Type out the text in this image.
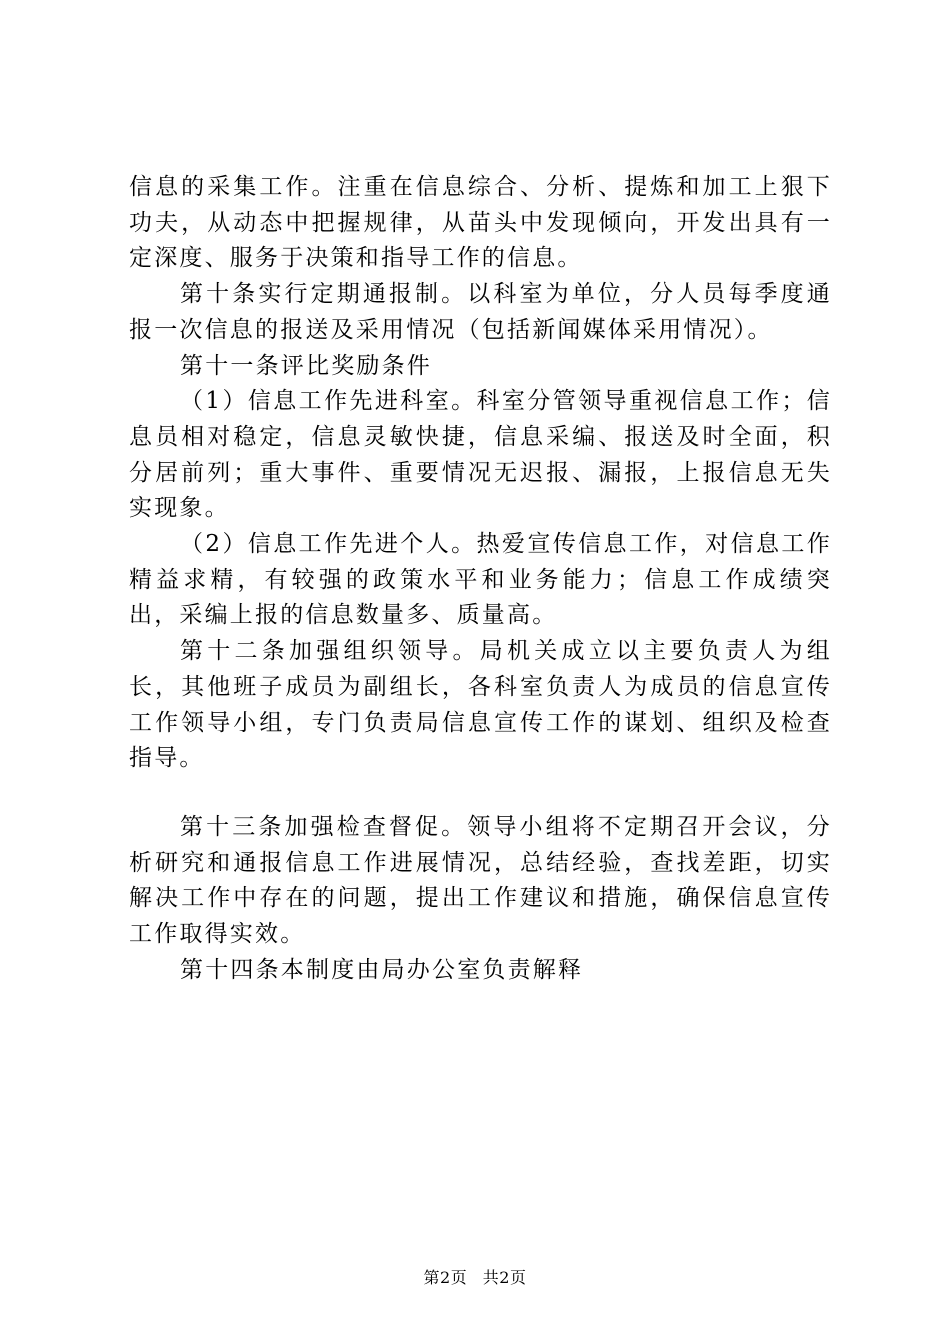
信息的采集工作。注重在信息综合、分析、提炼和加工上狠下功夫，从动态中把握规律，从苗头中发现倾向，开发出具有一定深度、服务于决策和指导工作的信息。

第十条实行定期通报制。以科室为单位，分人员每季度通报一次信息的报送及采用情况（包括新闻媒体采用情况）。

第十一条评比奖励条件

（1）信息工作先进科室。科室分管领导重视信息工作；信息员相对稳定，信息灵敏快捷，信息采编、报送及时全面，积分居前列；重大事件、重要情况无迟报、漏报，上报信息无失实现象。

（2）信息工作先进个人。热爱宣传信息工作，对信息工作精益求精，有较强的政策水平和业务能力；信息工作成绩突出，采编上报的信息数量多、质量高。

第十二条加强组织领导。局机关成立以主要负责人为组长，其他班子成员为副组长，各科室负责人为成员的信息宣传工作领导小组，专门负责局信息宣传工作的谋划、组织及检查指导。

第十三条加强检查督促。领导小组将不定期召开会议，分析研究和通报信息工作进展情况，总结经验，查找差距，切实解决工作中存在的问题，提出工作建议和措施，确保信息宣传工作取得实效。

第十四条本制度由局办公室负责解释

第2页 共2页
